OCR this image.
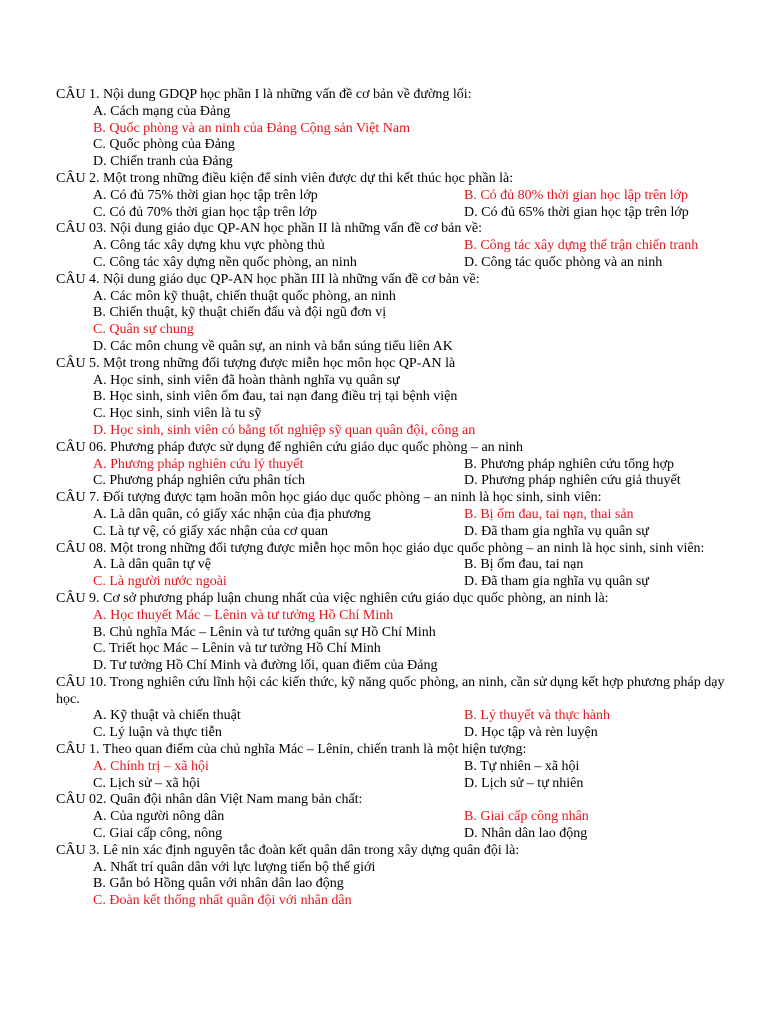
CÂU 1. Nội dung GDQP học phần I là những vấn đề cơ bản về đường lối:
A. Cách mạng của Đảng
B. Quốc phòng và an ninh của Đảng Cộng sản Việt Nam
C. Quốc phòng của Đảng
D. Chiến tranh của Đảng
CÂU 2. Một trong những điều kiện để sinh viên được dự thi kết thúc học phần là:
A. Có đủ 75% thời gian học tập trên lớp	B. Có đủ 80% thời gian học lập trên lớp
C. Có đủ 70% thời gian học tập trên lớp	D. Có đủ 65% thời gian học tập trên lớp
CÂU 03. Nội dung giáo dục QP-AN học phần II là những vấn đề cơ bản về:
A. Công tác xây dựng khu vực phòng thủ	B. Công tác xây dựng thế trận chiến tranh
C. Công tác xây dựng nền quốc phòng, an ninh	D. Công tác quốc phòng và an ninh
CÂU 4. Nội dung giáo dục QP-AN học phần III là những vấn đề cơ bản về:
A. Các môn kỹ thuật, chiến thuật quốc phòng, an ninh
B. Chiến thuật, kỹ thuật chiến đấu và đội ngũ đơn vị
C. Quân sự chung
D. Các môn chung về quân sự, an ninh và bắn súng tiểu liên AK
CÂU 5. Một trong những đối tượng được miễn học môn học QP-AN là
A. Học sinh, sinh viên đã hoàn thành nghĩa vụ quân sự
B. Học sinh, sinh viên ốm đau, tai nạn đang điều trị tại bệnh viện
C. Học sinh, sinh viên là tu sỹ
D. Học sinh, sinh viên có bằng tốt nghiệp sỹ quan quân đội, công an
CÂU 06. Phương pháp được sử dụng để nghiên cứu giáo dục quốc phòng – an ninh
A. Phương pháp nghiên cứu lý thuyết	B. Phương pháp nghiên cứu tổng hợp
C. Phương pháp nghiên cứu phân tích	D. Phương pháp nghiên cứu giả thuyết
CÂU 7. Đối tượng được tạm hoãn môn học giáo dục quốc phòng – an ninh là học sinh, sinh viên:
A. Là dân quân, có giấy xác nhận của địa phương	B. Bị ốm đau, tai nạn, thai sản
C. Là tự vệ, có giấy xác nhận của cơ quan	D. Đã tham gia nghĩa vụ quân sự
CÂU 08. Một trong những đối tượng được miễn học môn học giáo dục quốc phòng – an ninh là học sinh, sinh viên:
A. Là dân quân tự vệ	B. Bị ốm đau, tai nạn
C. Là người nước ngoài	D. Đã tham gia nghĩa vụ quân sự
CÂU 9. Cơ sở phương pháp luận chung nhất của việc nghiên cứu giáo dục quốc phòng, an ninh là:
A. Học thuyết Mác – Lênin và tư tưởng Hồ Chí Minh
B. Chủ nghĩa Mác – Lênin và tư tưởng quân sự Hồ Chí Minh
C. Triết học Mác – Lênin và tư tưởng Hồ Chí Minh
D. Tư tưởng Hồ Chí Minh và đường lối, quan điểm của Đảng
CÂU 10. Trong nghiên cứu lĩnh hội các kiến thức, kỹ năng quốc phòng, an ninh, cần sử dụng kết hợp phương pháp dạy học.
A. Kỹ thuật và chiến thuật	B. Lý thuyết và thực hành
C. Lý luận và thực tiễn	D. Học tập và rèn luyện
CÂU 1. Theo quan điểm của chủ nghĩa Mác – Lênin, chiến tranh là một hiện tượng:
A. Chính trị – xã hội	B. Tự nhiên – xã hội
C. Lịch sử – xã hội	D. Lịch sử – tự nhiên
CÂU 02. Quân đội nhân dân Việt Nam mang bản chất:
A. Của người nông dân	B. Giai cấp công nhân
C. Giai cấp công, nông	D. Nhân dân lao động
CÂU 3. Lê nin xác định nguyên tắc đoàn kết quân dân trong xây dựng quân đội là:
A. Nhất trí quân dân với lực lượng tiến bộ thế giới
B. Gắn bó Hồng quân với nhân dân lao động
C. Đoàn kết thống nhất quân đội với nhân dân
